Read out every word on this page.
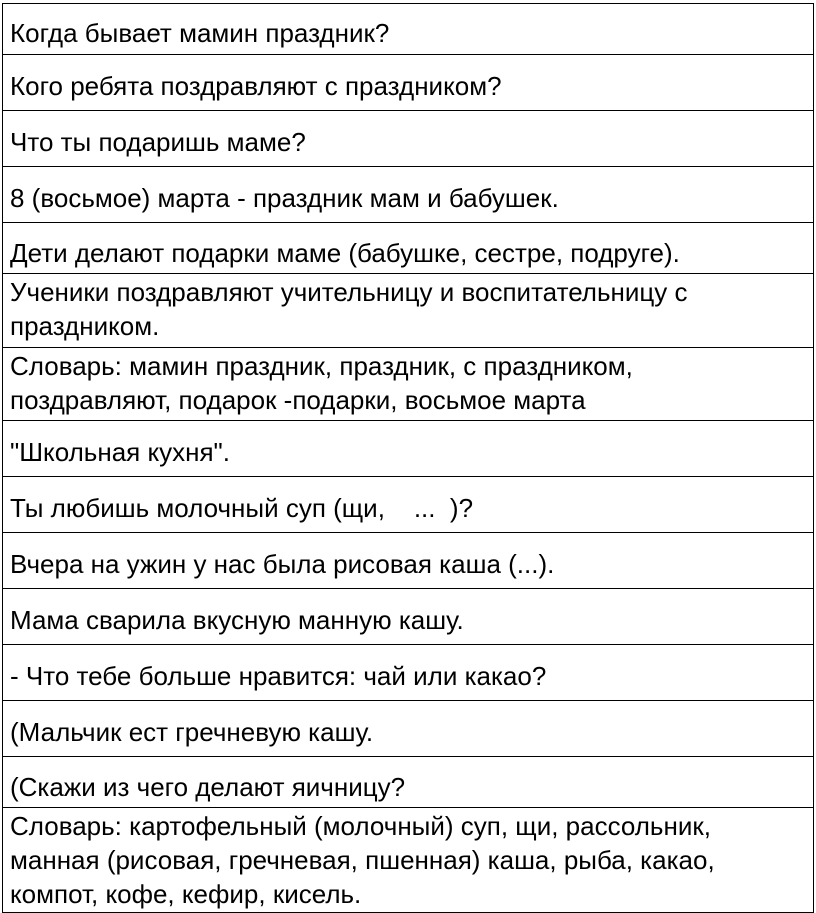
Когда бывает мамин праздник?

Кого ребята поздравляют с праздником?

Что ты подаришь маме?

8 (восьмое) марта - праздник мам и бабушек.

Дети делают подарки маме (бабушке, сестре, подруге).

Ученики поздравляют учительницу и воспитательницу с праздником.

Словарь: мамин праздник, праздник, с праздником, поздравляют, подарок -подарки, восьмое марта

"Школьная кухня".

Ты любишь молочный суп (щи,    ...  )?

Вчера на ужин у нас была рисовая каша (...).

Мама сварила вкусную манную кашу.

- Что тебе больше нравится: чай или какао?

(Мальчик ест гречневую кашу.

(Скажи из чего делают яичницу?

Словарь: картофельный (молочный) суп, щи, рассольник, манная (рисовая, гречневая, пшенная) каша, рыба, какао, компот, кофе, кефир, кисель.
